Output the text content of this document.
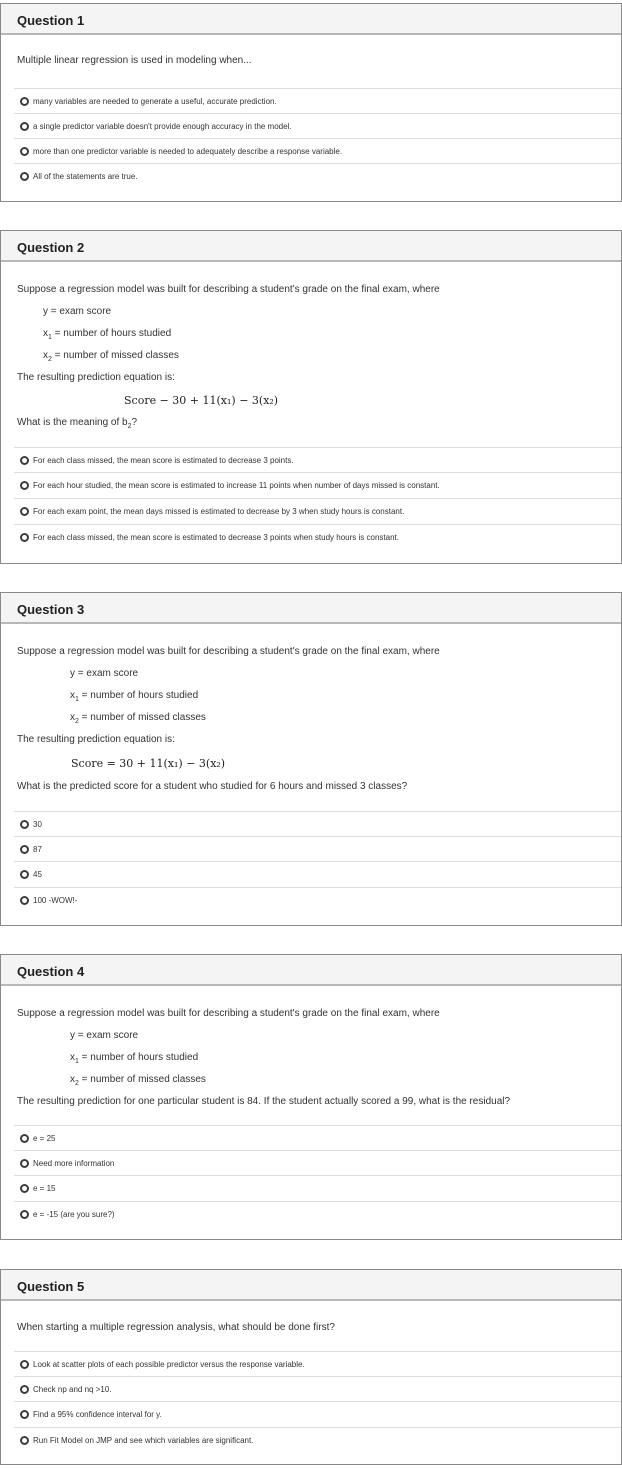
Question 1
Multiple linear regression is used in modeling when...
many variables are needed to generate a useful, accurate prediction.
a single predictor variable doesn't provide enough accuracy in the model.
more than one predictor variable is needed to adequately describe a response variable.
All of the statements are true.
Question 2
Suppose a regression model was built for describing a student's grade on the final exam, where
y = exam score
$x_1$ = number of hours studied
$x_2$ = number of missed classes
The resulting prediction equation is:
Score − 30 + 11(x₁) − 3(x₂)
What is the meaning of $b_2$?
For each class missed, the mean score is estimated to decrease 3 points.
For each hour studied, the mean score is estimated to increase 11 points when number of days missed is constant.
For each exam point, the mean days missed is estimated to decrease by 3 when study hours is constant.
For each class missed, the mean score is estimated to decrease 3 points when study hours is constant.
Question 3
Suppose a regression model was built for describing a student's grade on the final exam, where
y = exam score
$x_1$ = number of hours studied
$x_2$ = number of missed classes
The resulting prediction equation is:
Score = 30 + 11(x₁) − 3(x₂)
What is the predicted score for a student who studied for 6 hours and missed 3 classes?
30
87
45
100 -WOW!-
Question 4
Suppose a regression model was built for describing a student's grade on the final exam, where
y = exam score
$x_1$ = number of hours studied
$x_2$ = number of missed classes
The resulting prediction for one particular student is 84. If the student actually scored a 99, what is the residual?
e = 25
Need more information
e = 15
e = -15 (are you sure?)
Question 5
When starting a multiple regression analysis, what should be done first?
Look at scatter plots of each possible predictor versus the response variable.
Check np and nq >10.
Find a 95% confidence interval for y.
Run Fit Model on JMP and see which variables are significant.
